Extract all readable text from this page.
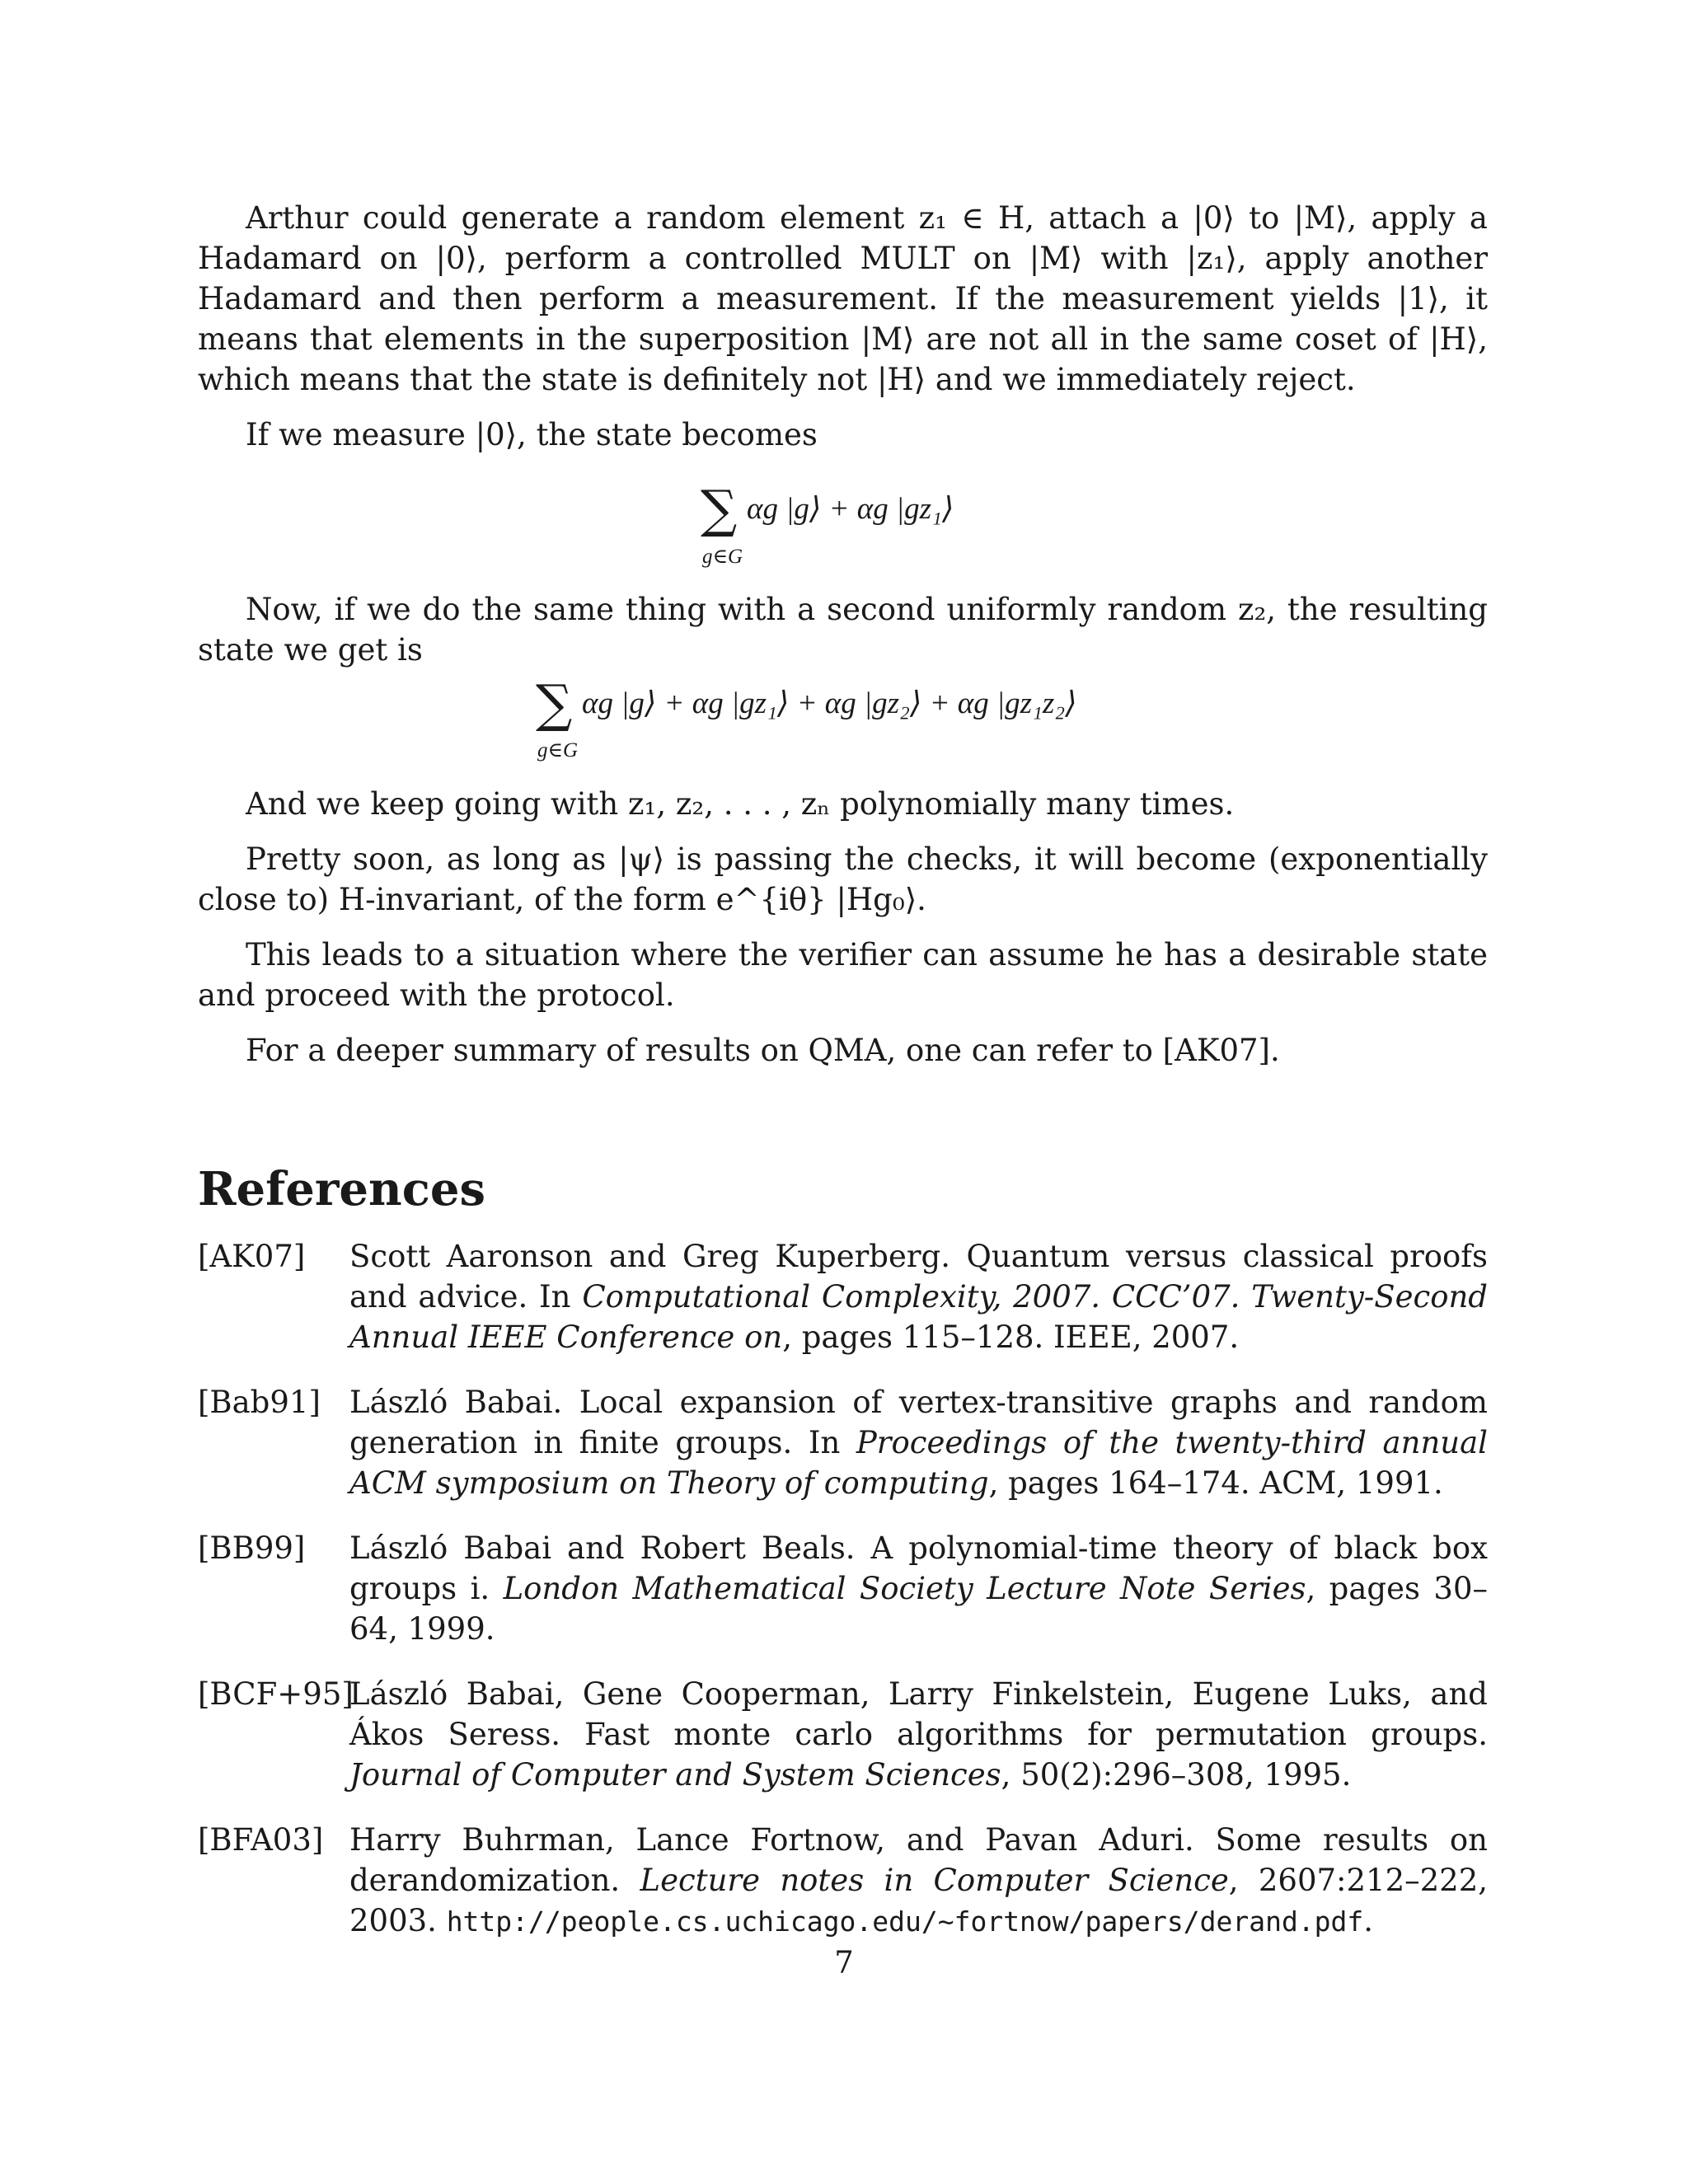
Arthur could generate a random element z₁ ∈ H, attach a |0⟩ to |M⟩, apply a Hadamard on |0⟩, perform a controlled MULT on |M⟩ with |z₁⟩, apply another Hadamard and then perform a measurement. If the measurement yields |1⟩, it means that elements in the superposition |M⟩ are not all in the same coset of |H⟩, which means that the state is definitely not |H⟩ and we immediately reject.

If we measure |0⟩, the state becomes

∑ αg |g⟩ + αg |gz₁⟩
g∈G

Now, if we do the same thing with a second uniformly random z₂, the resulting state we get is

∑ αg |g⟩ + αg |gz₁⟩ + αg |gz₂⟩ + αg |gz₁z₂⟩
g∈G

And we keep going with z₁, z₂, . . . , zₙ polynomially many times.

Pretty soon, as long as |ψ⟩ is passing the checks, it will become (exponentially close to) H-invariant, of the form e^{iθ} |Hg₀⟩.

This leads to a situation where the verifier can assume he has a desirable state and proceed with the protocol.

For a deeper summary of results on QMA, one can refer to [AK07].

References
[AK07]	Scott Aaronson and Greg Kuperberg. Quantum versus classical proofs and advice. In Computational Complexity, 2007. CCC’07. Twenty-Second Annual IEEE Conference on, pages 115–128. IEEE, 2007.
[Bab91] László Babai. Local expansion of vertex-transitive graphs and random generation in finite groups. In Proceedings of the twenty-third annual ACM symposium on Theory of computing, pages 164–174. ACM, 1991.
[BB99]	László Babai and Robert Beals. A polynomial-time theory of black box groups i. London Mathematical Society Lecture Note Series, pages 30–64, 1999.
[BCF+95]
László Babai, Gene Cooperman, Larry Finkelstein, Eugene Luks, and Ákos Seress. Fast monte carlo algorithms for permutation groups. Journal of Computer and System Sciences, 50(2):296–308, 1995.
[BFA03] Harry Buhrman, Lance Fortnow, and Pavan Aduri. Some results on derandomization. Lecture notes in Computer Science, 2607:212–222, 2003. http://people.cs.uchicago.edu/~fortnow/papers/derand.pdf.
7
